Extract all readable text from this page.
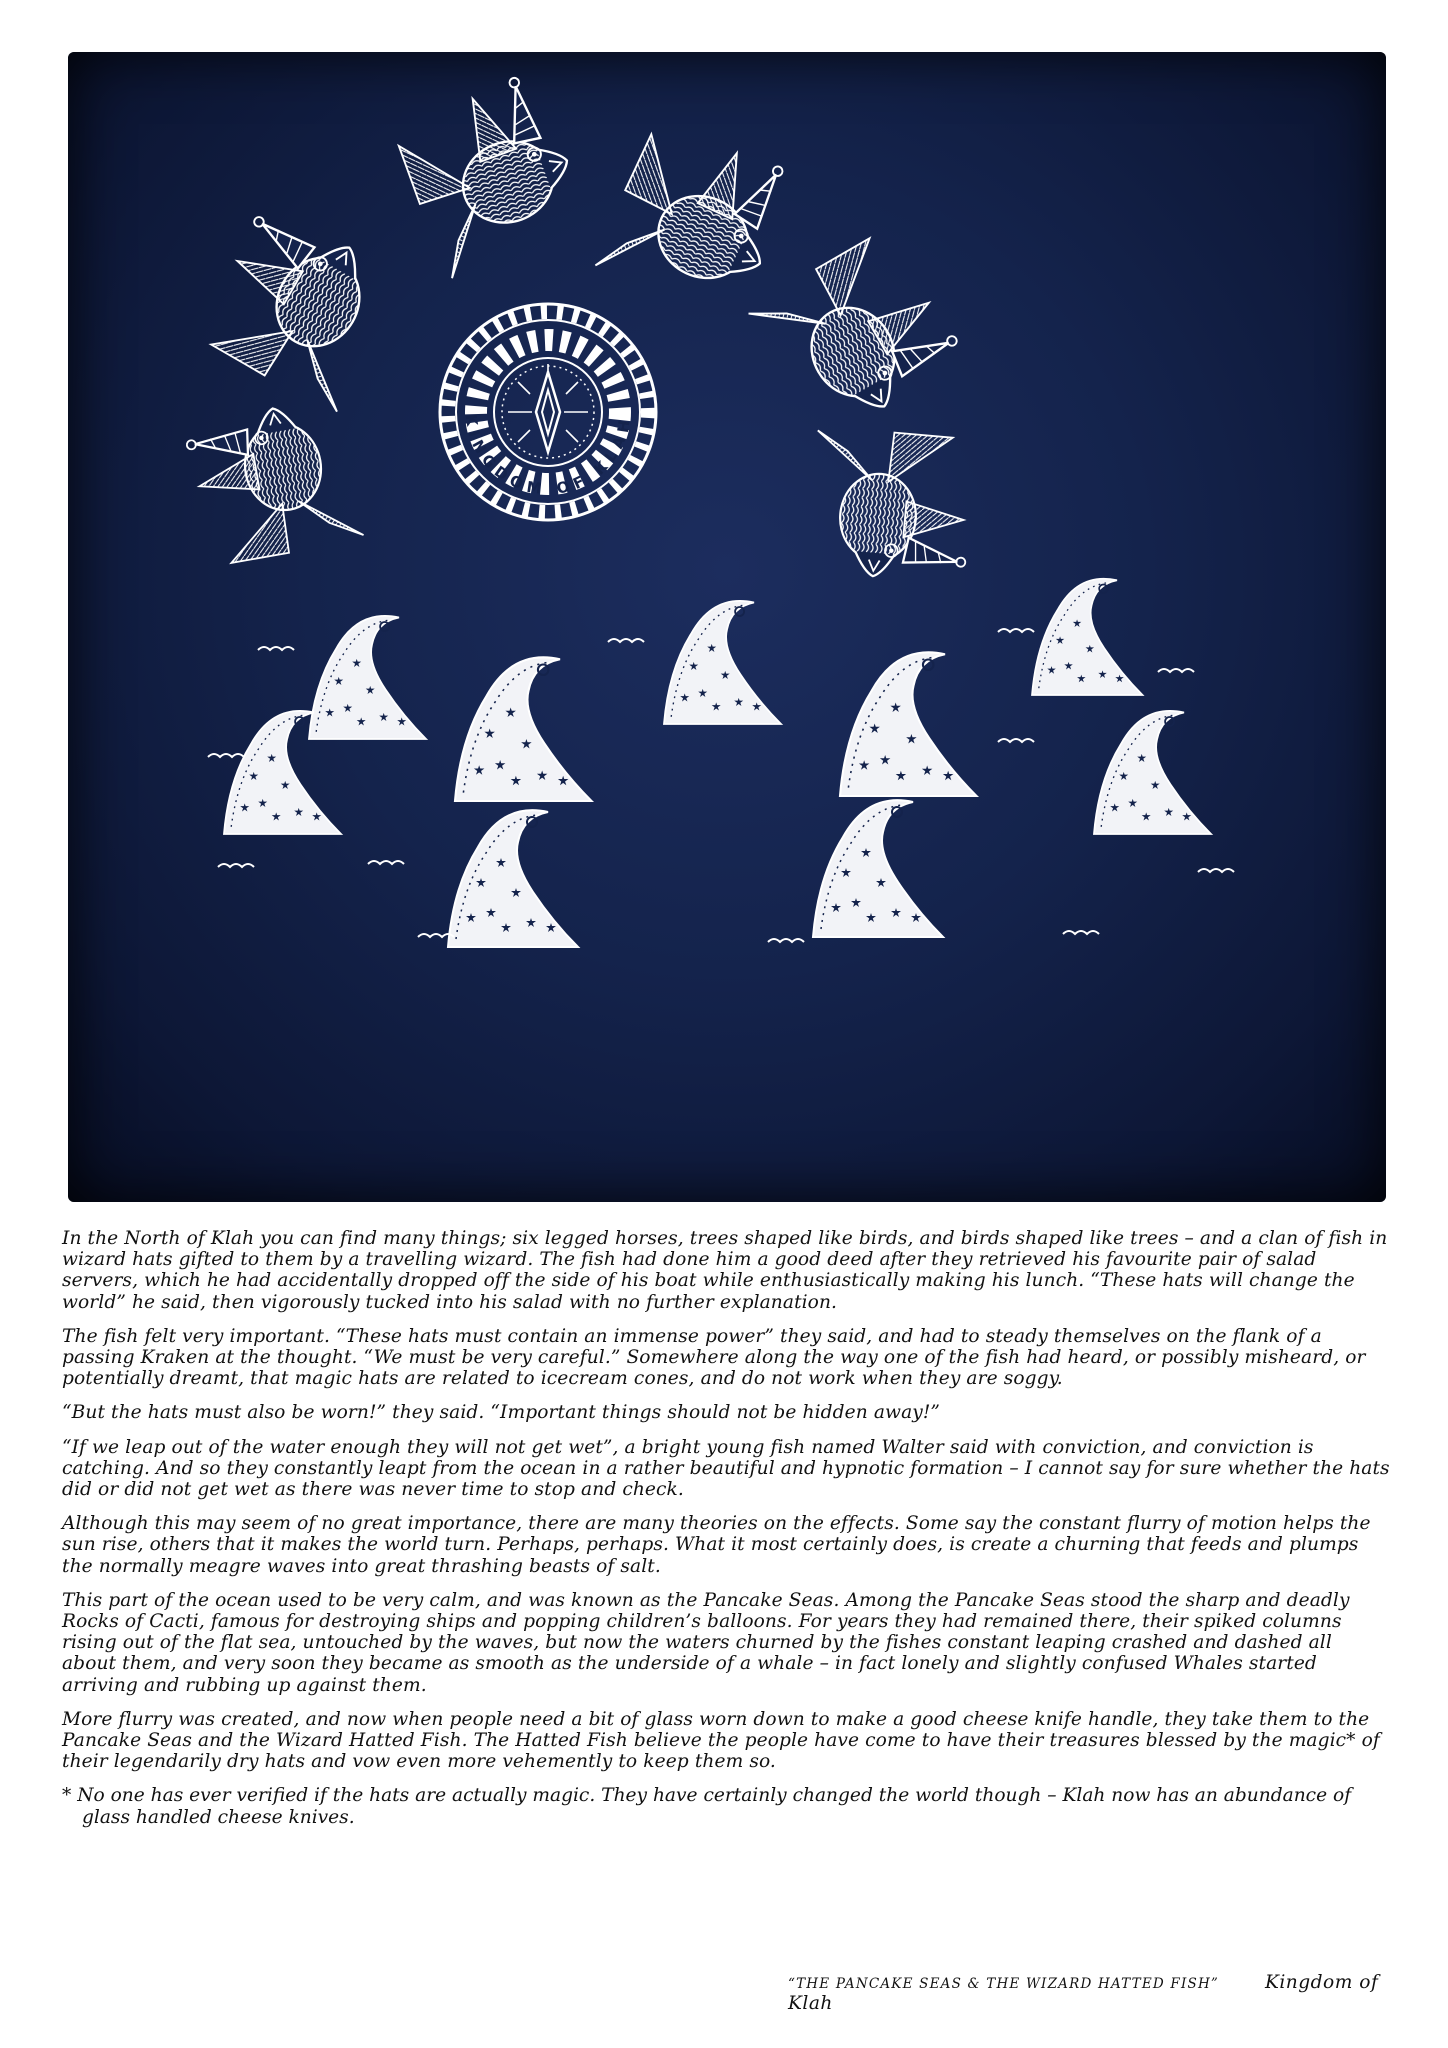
KINGDOM OF KLAH

In the North of Klah you can find many things; six legged horses, trees shaped like birds, and birds shaped like trees – and a clan of fish in wizard hats gifted to them by a travelling wizard. The fish had done him a good deed after they retrieved his favourite pair of salad servers, which he had accidentally dropped off the side of his boat while enthusiastically making his lunch. “These hats will change the world” he said, then vigorously tucked into his salad with no further explanation.

The fish felt very important. “These hats must contain an immense power” they said, and had to steady themselves on the flank of a passing Kraken at the thought. “We must be very careful.” Somewhere along the way one of the fish had heard, or possibly misheard, or potentially dreamt, that magic hats are related to icecream cones, and do not work when they are soggy.

“But the hats must also be worn!” they said. “Important things should not be hidden away!”

“If we leap out of the water enough they will not get wet”, a bright young fish named Walter said with conviction, and conviction is catching. And so they constantly leapt from the ocean in a rather beautiful and hypnotic formation – I cannot say for sure whether the hats did or did not get wet as there was never time to stop and check.

Although this may seem of no great importance, there are many theories on the effects. Some say the constant flurry of motion helps the sun rise, others that it makes the world turn. Perhaps, perhaps. What it most certainly does, is create a churning that feeds and plumps the normally meagre waves into great thrashing beasts of salt.

This part of the ocean used to be very calm, and was known as the Pancake Seas. Among the Pancake Seas stood the sharp and deadly Rocks of Cacti, famous for destroying ships and popping children’s balloons. For years they had remained there, their spiked columns rising out of the flat sea, untouched by the waves, but now the waters churned by the fishes constant leaping crashed and dashed all about them, and very soon they became as smooth as the underside of a whale – in fact lonely and slightly confused Whales started arriving and rubbing up against them.

More flurry was created, and now when people need a bit of glass worn down to make a good cheese knife handle, they take them to the Pancake Seas and the Wizard Hatted Fish. The Hatted Fish believe the people have come to have their treasures blessed by the magic* of their legendarily dry hats and vow even more vehemently to keep them so.

* No one has ever verified if the hats are actually magic. They have certainly changed the world though – Klah now has an abundance of glass handled cheese knives.

“THE PANCAKE SEAS & THE WIZARD HATTED FISH” Kingdom of Klah
